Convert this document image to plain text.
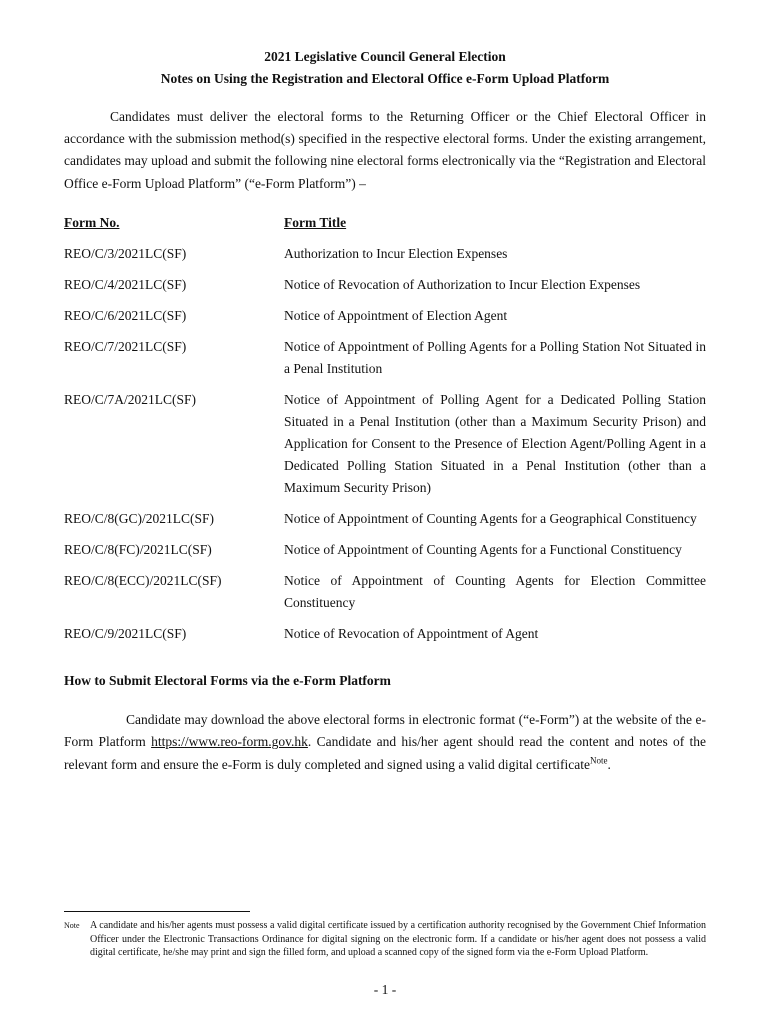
2021 Legislative Council General Election

Notes on Using the Registration and Electoral Office e-Form Upload Platform

Candidates must deliver the electoral forms to the Returning Officer or the Chief Electoral Officer in accordance with the submission method(s) specified in the respective electoral forms. Under the existing arrangement, candidates may upload and submit the following nine electoral forms electronically via the “Registration and Electoral Office e-Form Upload Platform” (“e-Form Platform”) –
Form No.	Form Title
REO/C/3/2021LC(SF)	Authorization to Incur Election Expenses
REO/C/4/2021LC(SF)	Notice of Revocation of Authorization to Incur Election Expenses
REO/C/6/2021LC(SF)	Notice of Appointment of Election Agent
REO/C/7/2021LC(SF)	Notice of Appointment of Polling Agents for a Polling Station Not Situated in a Penal Institution
REO/C/7A/2021LC(SF)	Notice of Appointment of Polling Agent for a Dedicated Polling Station Situated in a Penal Institution (other than a Maximum Security Prison) and Application for Consent to the Presence of Election Agent/Polling Agent in a Dedicated Polling Station Situated in a Penal Institution (other than a Maximum Security Prison)
REO/C/8(GC)/2021LC(SF)	Notice of Appointment of Counting Agents for a Geographical Constituency
REO/C/8(FC)/2021LC(SF)	Notice of Appointment of Counting Agents for a Functional Constituency
REO/C/8(ECC)/2021LC(SF)	Notice of Appointment of Counting Agents for Election Committee Constituency
REO/C/9/2021LC(SF)	Notice of Revocation of Appointment of Agent
How to Submit Electoral Forms via the e-Form Platform
Candidate may download the above electoral forms in electronic format (“e-Form”) at the website of the e-Form Platform https://www.reo-form.gov.hk. Candidate and his/her agent should read the content and notes of the relevant form and ensure the e-Form is duly completed and signed using a valid digital certificate$^{Note}$.
Note A candidate and his/her agents must possess a valid digital certificate issued by a certification authority recognised by the Government Chief Information Officer under the Electronic Transactions Ordinance for digital signing on the electronic form. If a candidate or his/her agent does not possess a valid digital certificate, he/she may print and sign the filled form, and upload a scanned copy of the signed form via the e-Form Upload Platform.
- 1 -
